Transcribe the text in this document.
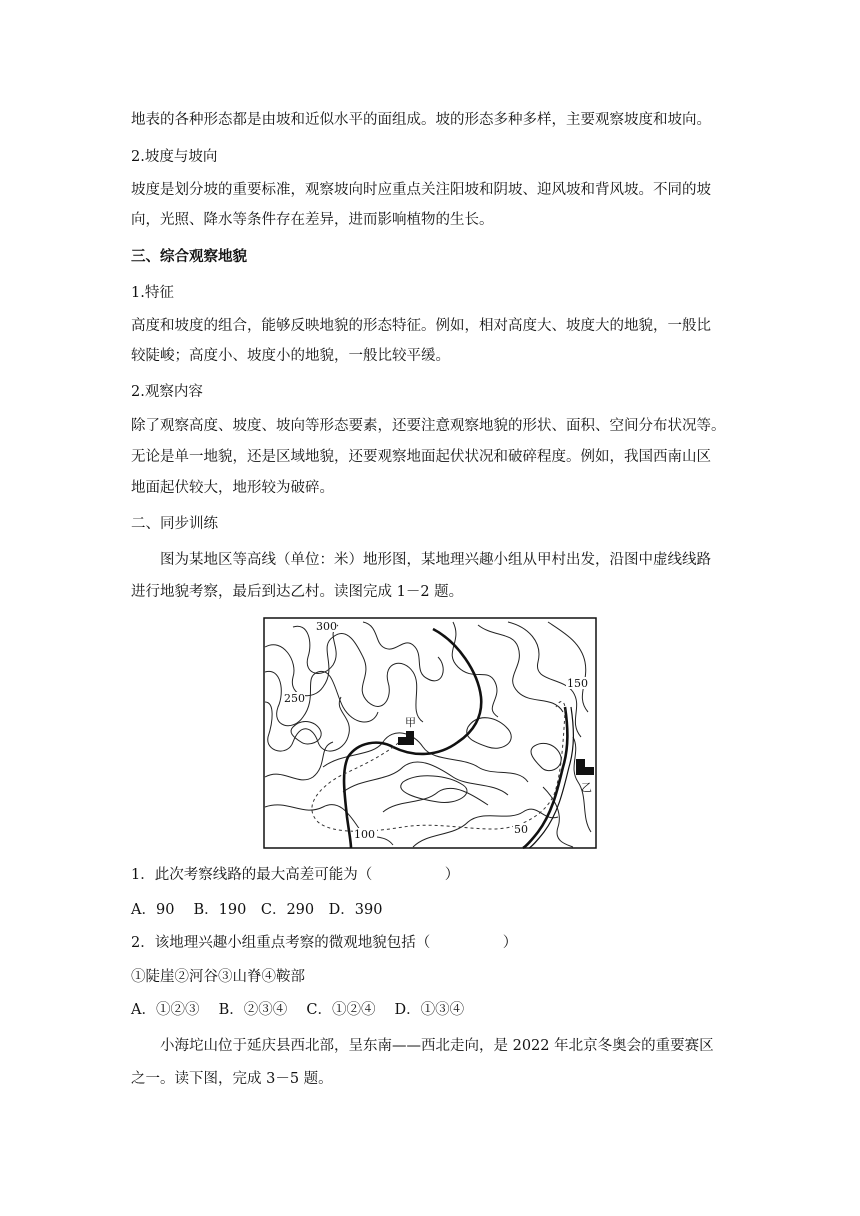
地表的各种形态都是由坡和近似水平的面组成。坡的形态多种多样，主要观察坡度和坡向。
2.坡度与坡向
坡度是划分坡的重要标准，观察坡向时应重点关注阳坡和阴坡、迎风坡和背风坡。不同的坡
向，光照、降水等条件存在差异，进而影响植物的生长。
三、综合观察地貌
1.特征
高度和坡度的组合，能够反映地貌的形态特征。例如，相对高度大、坡度大的地貌，一般比
较陡峻；高度小、坡度小的地貌，一般比较平缓。
2.观察内容
除了观察高度、坡度、坡向等形态要素，还要注意观察地貌的形状、面积、空间分布状况等。
无论是单一地貌，还是区域地貌，还要观察地面起伏状况和破碎程度。例如，我国西南山区
地面起伏较大，地形较为破碎。
二、同步训练
图为某地区等高线（单位：米）地形图，某地理兴趣小组从甲村出发，沿图中虚线线路
进行地貌考察，最后到达乙村。读图完成 1－2 题。
300
250
150
100	50
甲
乙
1．此次考察线路的最大高差可能为（　　　　　）
A．90　 B．190　C．290　D．390
2．该地理兴趣小组重点考察的微观地貌包括（　　　　　）
①陡崖②河谷③山脊④鞍部
A．①②③　 B．②③④　 C．①②④　 D．①③④
小海坨山位于延庆县西北部，呈东南——西北走向，是 2022 年北京冬奥会的重要赛区
之一。读下图，完成 3－5 题。
